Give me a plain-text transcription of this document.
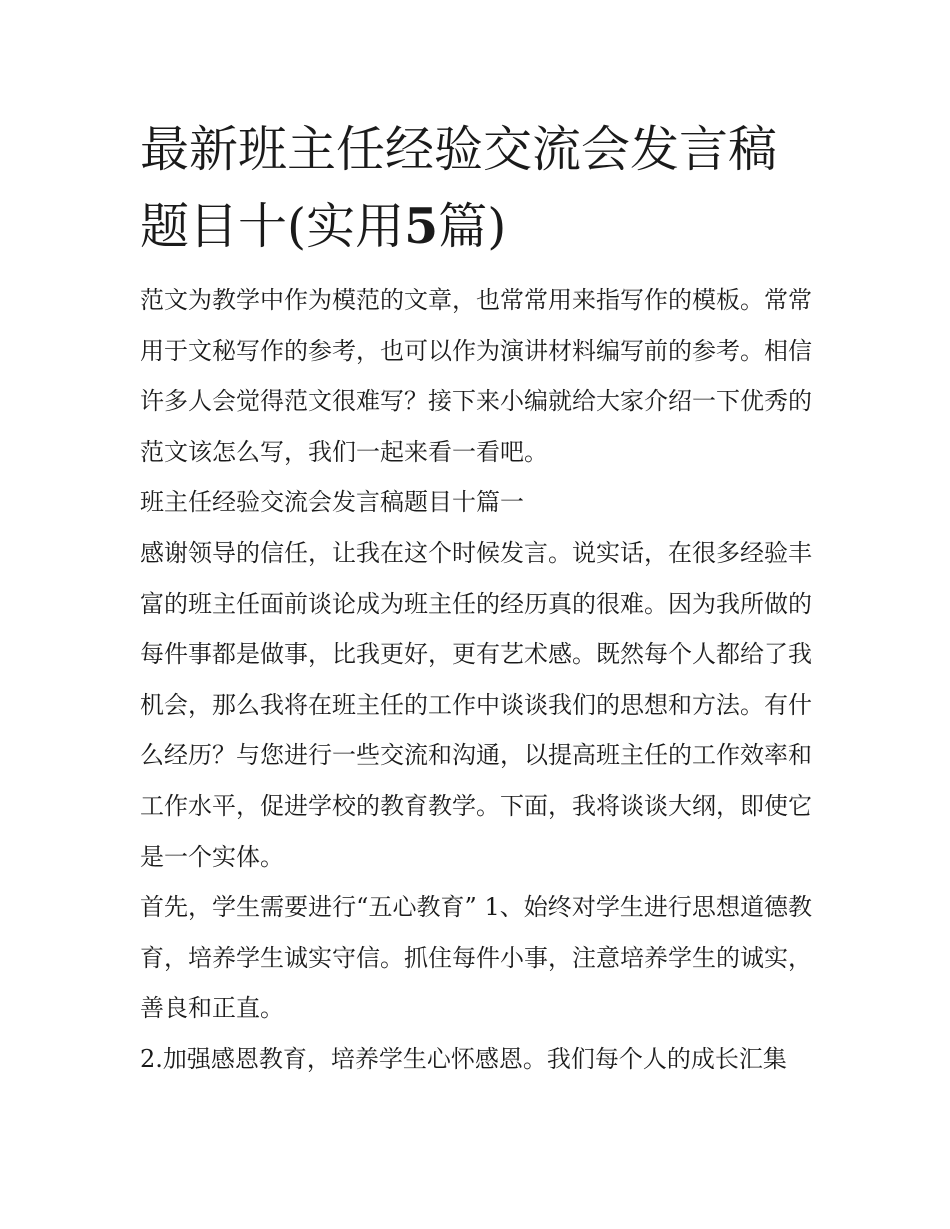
最新班主任经验交流会发言稿题目十(实用5篇)

范文为教学中作为模范的文章，也常常用来指写作的模板。常常用于文秘写作的参考，也可以作为演讲材料编写前的参考。相信许多人会觉得范文很难写？接下来小编就给大家介绍一下优秀的范文该怎么写，我们一起来看一看吧。

班主任经验交流会发言稿题目十篇一

感谢领导的信任，让我在这个时候发言。说实话，在很多经验丰富的班主任面前谈论成为班主任的经历真的很难。因为我所做的每件事都是做事，比我更好，更有艺术感。既然每个人都给了我机会，那么我将在班主任的工作中谈谈我们的思想和方法。有什么经历？与您进行一些交流和沟通，以提高班主任的工作效率和工作水平，促进学校的教育教学。下面，我将谈谈大纲，即使它是一个实体。

首先，学生需要进行“五心教育” 1、始终对学生进行思想道德教育，培养学生诚实守信。抓住每件小事，注意培养学生的诚实，善良和正直。

2.加强感恩教育，培养学生心怀感恩。我们每个人的成长汇集
